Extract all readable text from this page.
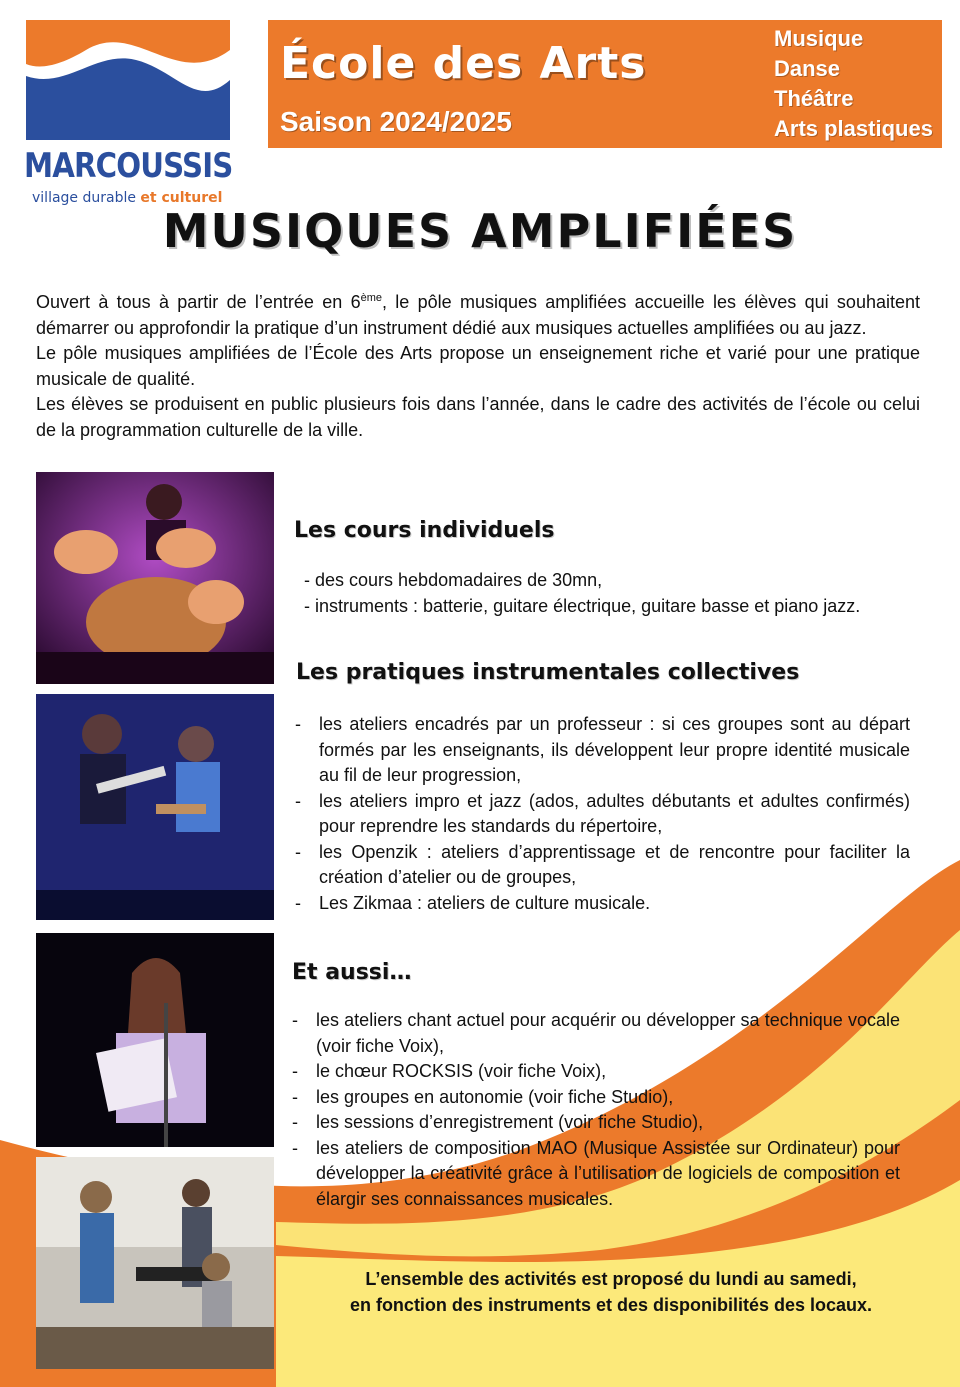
MARCOUSSIS
village durable et culturel
École des Arts
Saison 2024/2025
Musique
Danse
Théâtre
Arts plastiques
MUSIQUES AMPLIFIÉES

Ouvert à tous à partir de l’entrée en 6ème, le pôle musiques amplifiées accueille les élèves qui souhaitent démarrer ou approfondir la pratique d’un instrument dédié aux musiques actuelles amplifiées ou au jazz.

Le pôle musiques amplifiées de l’École des Arts propose un enseignement riche et varié pour une pratique musicale de qualité.

Les élèves se produisent en public plusieurs fois dans l’année, dans le cadre des activités de l’école ou celui de la programmation culturelle de la ville.

Les cours individuels
- des cours hebdomadaires de 30mn,
- instruments : batterie, guitare électrique, guitare basse et piano jazz.
Les pratiques instrumentales collectives
- les ateliers encadrés par un professeur : si ces groupes sont au départ formés par les enseignants, ils développent leur propre identité musicale au fil de leur progression,
- les ateliers impro et jazz (ados, adultes débutants et adultes confirmés) pour reprendre les standards du répertoire,
- les Openzik : ateliers d’apprentissage et de rencontre pour faciliter la création d’atelier ou de groupes,
- Les Zikmaa : ateliers de culture musicale.
Et aussi…
- les ateliers chant actuel pour acquérir ou développer sa technique vocale (voir fiche Voix),
- le chœur ROCKSIS (voir fiche Voix),
- les groupes en autonomie (voir fiche Studio),
- les sessions d’enregistrement (voir fiche Studio),
- les ateliers de composition MAO (Musique Assistée sur Ordinateur) pour développer la créativité grâce à l’utilisation de logiciels de composition et élargir ses connaissances musicales.
L’ensemble des activités est proposé du lundi au samedi,
en fonction des instruments et des disponibilités des locaux.
